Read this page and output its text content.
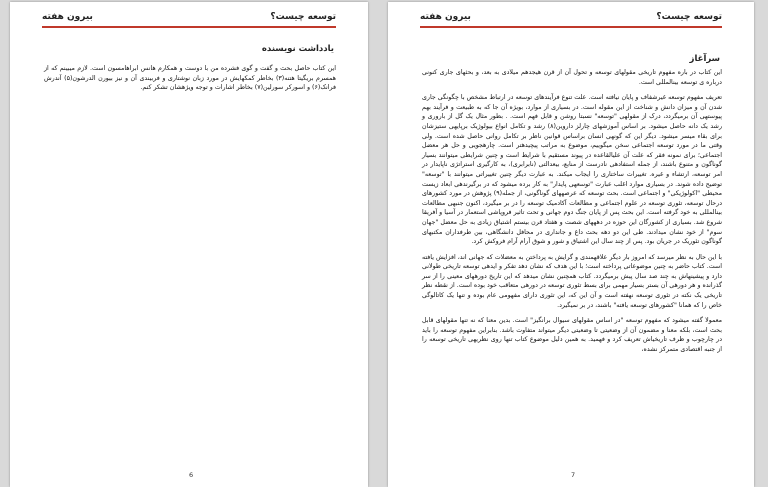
توسعه چیست؟
بیرون هفته
یادداشت نویسنده

این کتاب حاصل بحث و گفت و گوی فشرده من با دوست و همکارم هانس ابراهامسون است. لازم میبینم که از همسرم بریگیتا هتنه(۳) بخاطر کمکهایش در مورد زبان نوشتاری و فربیندی آن و نیز بیورن الدرشون(۵) آندرش فرانک(۶) و اسورکر سورلین(۷) بخاطر اشارات و توجه ویژهشان تشکر کنم.

6
توسعه چیست؟
بیرون هفته
سرآغاز

این کتاب در باره مفهوم تاریخی مقولهای توسعه و تحول آن از قرن هیجدهم میلادی به بعد، و بحثهای جاری کنونی درباره ی توسعه بینالمللی است.

تعریف مفهوم توسعه غیرشفاف و پایان نیافته است. علت تنوع فرآیندهای توسعه در ارتباط مشخص با چگونگی جاری شدن آن و میزان دانش و شناخت از این مقوله است. در بسیاری از موارد، بویژه آن جا که به طبیعت و فرآیند بهم پیوستهی آن برمیگردد، درک از مقولهی "توسعه" نسبتا روشن و قابل فهم است. . بطور مثال یک گل از باروری و رشد یک دانه حاصل میشود. بر اساس آموزشهای چارلز داروین(۸) رشد و تکامل انواع بیولوژیک برپایهی ستیزشان برای بقاء میسر میشود. دیگر این که گونهی انسان براساس قوانین ناظر بر تکامل روانی حاصل شده است. ولی وقتی ما در مورد توسعه اجتماعی سخن میگوییم، موضوع به مراتب پیچیدهتر است. چارهجویی و حل هر معضل اجتماعی؛ برای نمونه فقر که علت آن علیالقاعده در پیوند مستقیم با شرایط است و چنین شرایطی میتوانند بسیار گوناگون و متنوع باشند، از جمله استفادهی نادرست از منابع، بیعدالتی (نابرابری)، به کارگیری استراتژی ناپایدار در امر توسعه، ارتشاء و غیره. تغییرات ساختاری را ایجاب میکند. به عبارت دیگر چنین تغییراتی میتوانند با "توسعه" توضیح داده شوند. در بسیاری موارد اغلب عبارت "توسعهی پایدار" به کار برده میشود که در برگیرندهی ابعاد زیست محیطی "اکولوژیکی" و اجتماعی است. بحث توسعه که عرصههای گوناگونی، از جمله(۹) پژوهش در مورد کشورهای درحال توسعه، تئوری توسعه در علوم اجتماعی و مطالعات آکادمیک توسعه را در بر میگیرد، اکنون جنبهی مطالعات بینالمللی به خود گرفته است. این بحث پس از پایان جنگ دوم جهانی و تحت تاثیر فروپاشی استعمار در آسیا و آفریقا شروع شد. بسیاری از کشورگان این حوزه در دهههای شصت و هفتاد قرن بیستم اشتیاق زیادی به حل معضل "جهان سوم" از خود نشان میدادند. طی این دو دهه بحث داغ و جانداری در محافل دانشگاهی، بین طرفداران مکتبهای گوناگون تئوریک در جریان بود. پس از چند سال این اشتیاق و شور و شوق آرام آرام فروکش کرد.

با این حال به نظر میرسد که امروز بار دیگر علاقهمندی و گرایش به پرداختن به معضلات که جهانی اند، افزایش یافته است. کتاب حاضر به چنین موضوعاتی پرداخته است؛ با این هدف که نشان دهد تفکر و ایدهی توسعه تاریخی طولانی دارد و پیشینهاش به چند صد سال پیش برمیگردد. کتاب همچنین نشان میدهد که این تاریخ دورههای معینی را از سر گذرانده و هر دورهی آن بستر بسیار مهمی برای بسط تئوری توسعه در دورهی متعاقب خود بوده است. از نقطه نظر تاریخی یک نکته در تئوری توسعه نهفته است و آن این که، این تئوری دارای مفهومی عام بوده و تنها یک کاتالوگی خاص را که همانا "کشورهای توسعه یافته" باشند، در بر نمیگیرد.

معمولا گفته میشود که مفهوم توسعه "در اساس مقولهای سیوال برانگیز" است. بدین معنا که نه تنها مقولهای قابل بحث است، بلکه معنا و مضمون آن از وضعیتی تا وضعیتی دیگر میتواند متفاوت باشد. بنابراین مفهوم توسعه را باید در چارچوب و ظرف تاریخیاش تعریف کرد و فهمید. به همین دلیل موضوع کتاب تنها روی نظریهی تاریخی توسعه را از جنبه اقتصادی متمرکز نشده،

7
